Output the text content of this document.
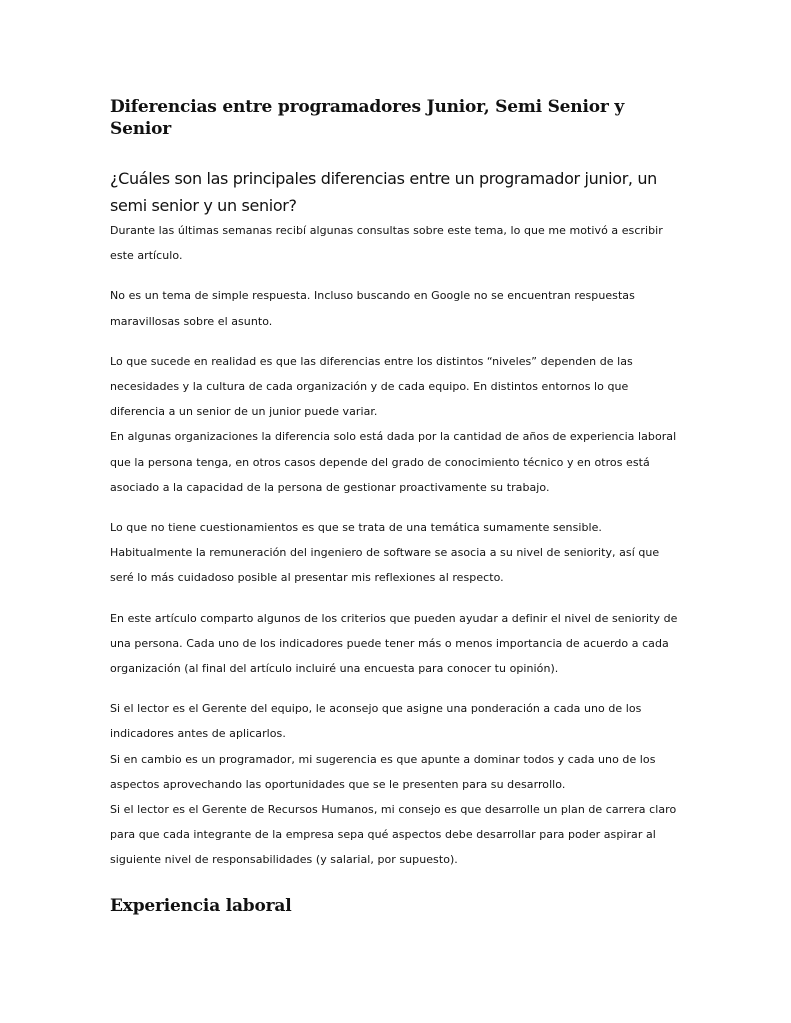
Diferencias entre programadores Junior, Semi Senior y Senior
¿Cuáles son las principales diferencias entre un programador junior, un semi senior y un senior?

Durante las últimas semanas recibí algunas consultas sobre este tema, lo que me motivó a escribir este artículo.

No es un tema de simple respuesta. Incluso buscando en Google no se encuentran respuestas maravillosas sobre el asunto.

Lo que sucede en realidad es que las diferencias entre los distintos “niveles” dependen de las necesidades y la cultura de cada organización y de cada equipo. En distintos entornos lo que diferencia a un senior de un junior puede variar.

En algunas organizaciones la diferencia solo está dada por la cantidad de años de experiencia laboral que la persona tenga, en otros casos depende del grado de conocimiento técnico y en otros está asociado a la capacidad de la persona de gestionar proactivamente su trabajo.

Lo que no tiene cuestionamientos es que se trata de una temática sumamente sensible. Habitualmente la remuneración del ingeniero de software se asocia a su nivel de seniority, así que seré lo más cuidadoso posible al presentar mis reflexiones al respecto.

En este artículo comparto algunos de los criterios que pueden ayudar a definir el nivel de seniority de una persona. Cada uno de los indicadores puede tener más o menos importancia de acuerdo a cada organización (al final del artículo incluiré una encuesta para conocer tu opinión).

Si el lector es el Gerente del equipo, le aconsejo que asigne una ponderación a cada uno de los indicadores antes de aplicarlos.

Si en cambio es un programador, mi sugerencia es que apunte a dominar todos y cada uno de los aspectos aprovechando las oportunidades que se le presenten para su desarrollo.

Si el lector es el Gerente de Recursos Humanos, mi consejo es que desarrolle un plan de carrera claro para que cada integrante de la empresa sepa qué aspectos debe desarrollar para poder aspirar al siguiente nivel de responsabilidades (y salarial, por supuesto).

Experiencia laboral
